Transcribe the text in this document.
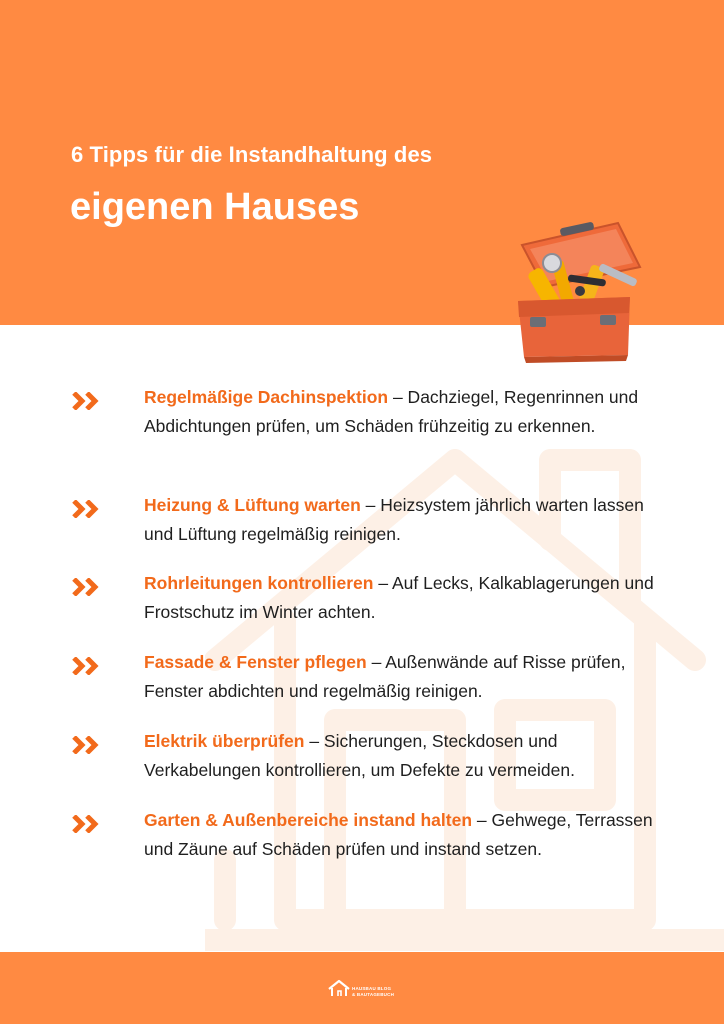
6 Tipps für die Instandhaltung des
eigenen Hauses
Regelmäßige Dachinspektion – Dachziegel, Regenrinnen und Abdichtungen prüfen, um Schäden frühzeitig zu erkennen.
Heizung & Lüftung warten – Heizsystem jährlich warten lassen und Lüftung regelmäßig reinigen.
Rohrleitungen kontrollieren – Auf Lecks, Kalkablagerungen und Frostschutz im Winter achten.
Fassade & Fenster pflegen – Außenwände auf Risse prüfen, Fenster abdichten und regelmäßig reinigen.
Elektrik überprüfen – Sicherungen, Steckdosen und Verkabelungen kontrollieren, um Defekte zu vermeiden.
Garten & Außenbereiche instand halten – Gehwege, Terrassen und Zäune auf Schäden prüfen und instand setzen.
HAUSBAU BLOG
& BAUTAGEBUCH
